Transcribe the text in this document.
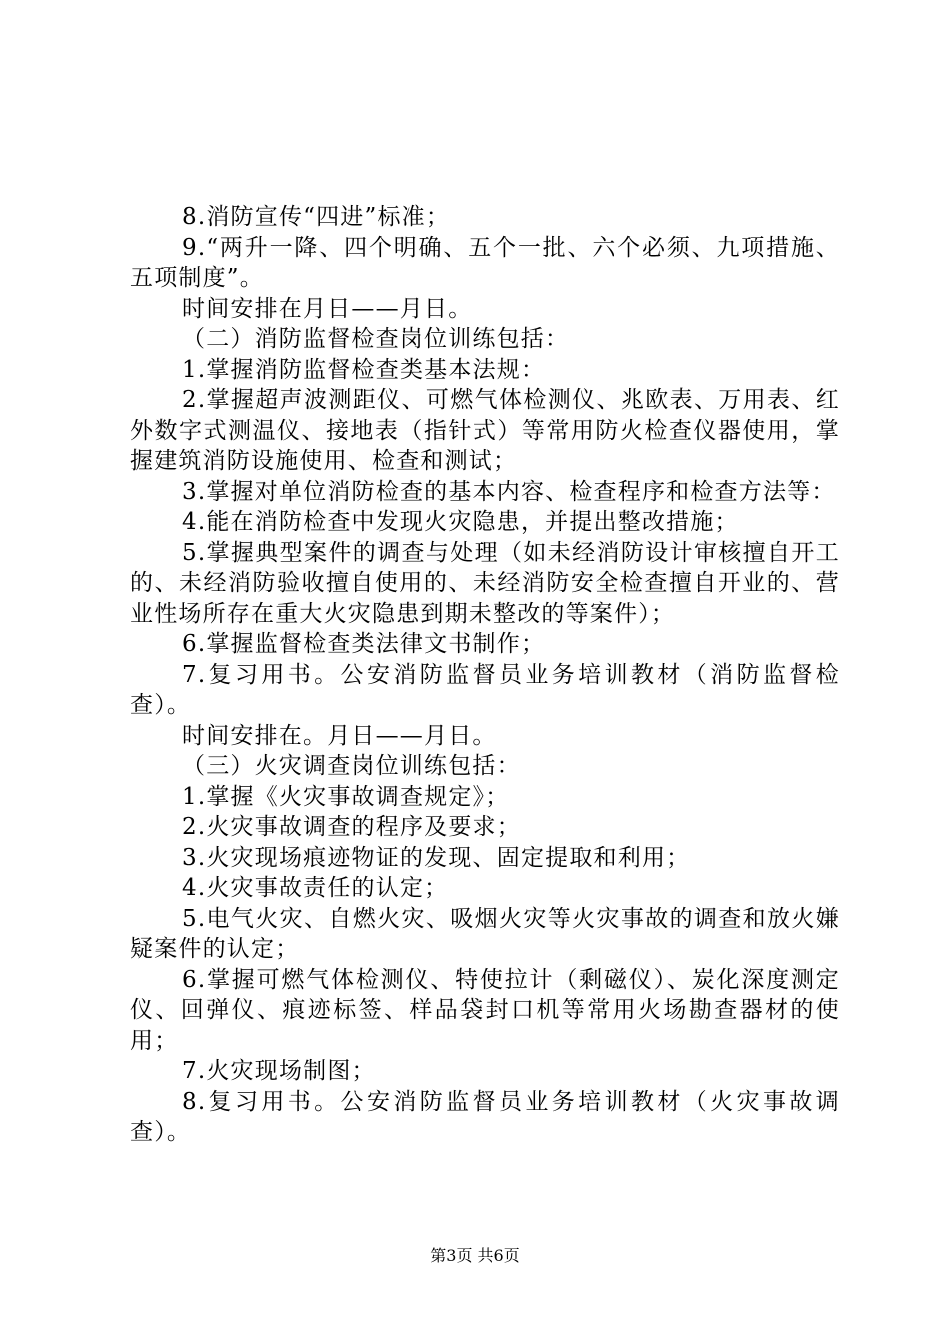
8.消防宣传“四进”标准；

9.“两升一降、四个明确、五个一批、六个必须、九项措施、五项制度”。

时间安排在月日——月日。

（二）消防监督检查岗位训练包括：

1.掌握消防监督检查类基本法规：

2.掌握超声波测距仪、可燃气体检测仪、兆欧表、万用表、红外数字式测温仪、接地表（指针式）等常用防火检查仪器使用，掌握建筑消防设施使用、检查和测试；

3.掌握对单位消防检查的基本内容、检查程序和检查方法等：

4.能在消防检查中发现火灾隐患，并提出整改措施；

5.掌握典型案件的调查与处理（如未经消防设计审核擅自开工的、未经消防验收擅自使用的、未经消防安全检查擅自开业的、营业性场所存在重大火灾隐患到期未整改的等案件）；

6.掌握监督检查类法律文书制作；

7.复习用书。公安消防监督员业务培训教材（消防监督检查）。

时间安排在。月日——月日。

（三）火灾调查岗位训练包括：

1.掌握《火灾事故调查规定》；

2.火灾事故调查的程序及要求；

3.火灾现场痕迹物证的发现、固定提取和利用；

4.火灾事故责任的认定；

5.电气火灾、自燃火灾、吸烟火灾等火灾事故的调查和放火嫌疑案件的认定；

6.掌握可燃气体检测仪、特使拉计（剩磁仪）、炭化深度测定仪、回弹仪、痕迹标签、样品袋封口机等常用火场勘查器材的使用；

7.火灾现场制图；

8.复习用书。公安消防监督员业务培训教材（火灾事故调查）。

第3页 共6页
